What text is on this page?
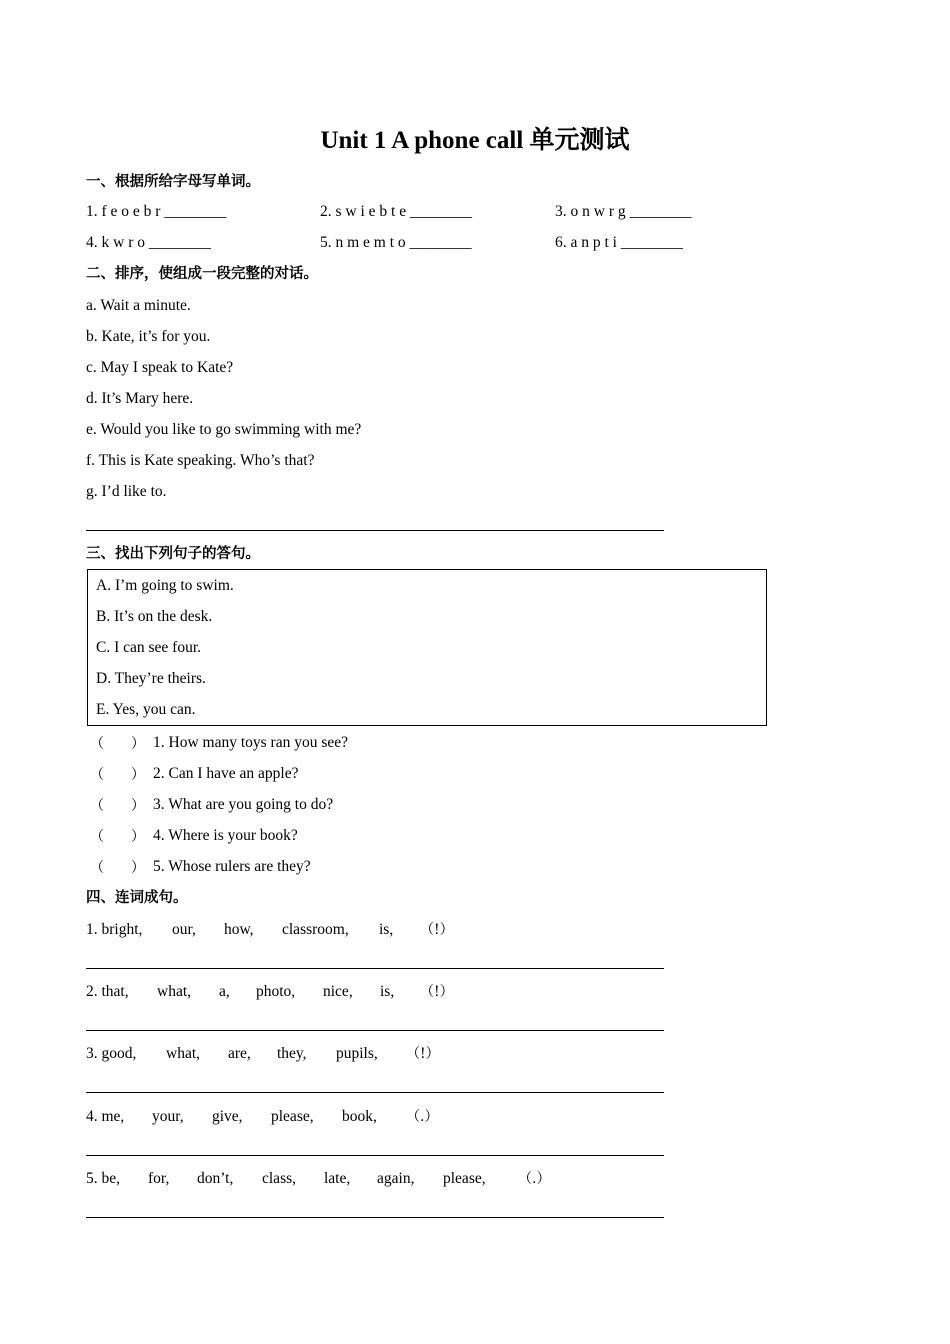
Unit 1 A phone call 单元测试
一、根据所给字母写单词。
1. f e o e b r ________	2. s w i e b t e ________	3. o n w r g ________
4. k w r o ________	5. n m e m t o ________	6. a n p t i ________
二、排序，使组成一段完整的对话。
a. Wait a minute.
b. Kate, it’s for you.
c. May I speak to Kate?
d. It’s Mary here.
e. Would you like to go swimming with me?
f. This is Kate speaking. Who’s that?
g. I’d like to.
三、找出下列句子的答句。
A. I’m going to swim.
B. It’s on the desk.
C. I can see four.
D. They’re theirs.
E. Yes, you can.
（ ） 1. How many toys ran you see?
（ ） 2. Can I have an apple?
（ ） 3. What are you going to do?
（ ） 4. Where is your book?
（ ） 5. Whose rulers are they?
四、连词成句。
1. bright, our, how, classroom, is, （!）
2. that, what, a, photo, nice, is, （!）
3. good, what, are, they, pupils, （!）
4. me, your, give, please, book, （.）
5. be, for, don’t, class, late, again, please, （.）
